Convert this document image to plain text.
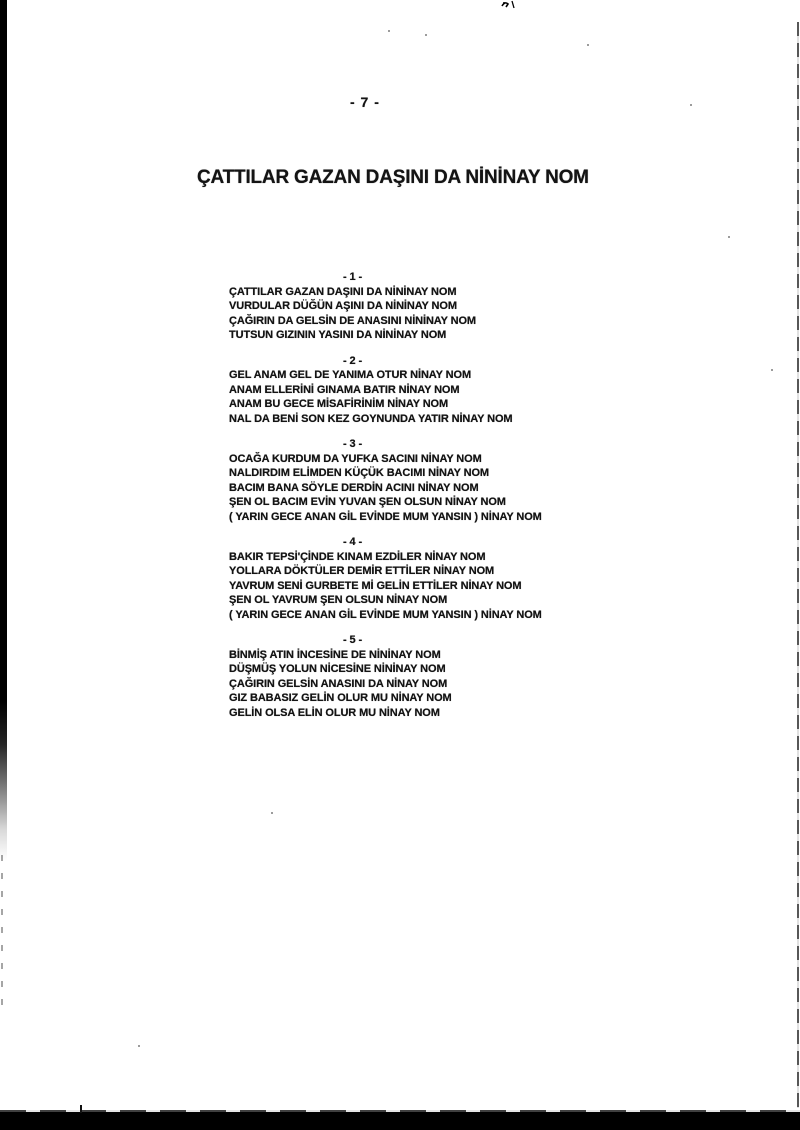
- 7 -
ÇATTILAR GAZAN DAŞINI DA NİNİNAY NOM
- 1 -
ÇATTILAR GAZAN DAŞINI DA NİNİNAY NOM
VURDULAR DÜĞÜN AŞINI DA NİNİNAY NOM
ÇAĞIRIN DA GELSİN DE ANASINI NİNİNAY NOM
TUTSUN GIZININ YASINI DA NİNİNAY NOM
- 2 -
GEL ANAM GEL DE YANIMA OTUR NİNAY NOM
ANAM ELLERİNİ GINAMA BATIR NİNAY NOM
ANAM BU GECE MİSAFİRİNİM NİNAY NOM
NAL DA BENİ SON KEZ GOYNUNDA YATIR NİNAY NOM
- 3 -
OCAĞA KURDUM DA YUFKA SACINI NİNAY NOM
NALDIRDIM ELİMDEN KÜÇÜK BACIMI NİNAY NOM
BACIM BANA SÖYLE DERDİN ACINI NİNAY NOM
ŞEN OL BACIM EVİN YUVAN ŞEN OLSUN NİNAY NOM
( YARIN GECE ANAN GİL EVİNDE MUM YANSIN ) NİNAY NOM
- 4 -
BAKIR TEPSİ'ÇİNDE KINAM EZDİLER NİNAY NOM
YOLLARA DÖKTÜLER DEMİR ETTİLER NİNAY NOM
YAVRUM SENİ GURBETE Mİ GELİN ETTİLER NİNAY NOM
ŞEN OL YAVRUM ŞEN OLSUN NİNAY NOM
( YARIN GECE ANAN GİL EVİNDE MUM YANSIN ) NİNAY NOM
- 5 -
BİNMİŞ ATIN İNCESİNE DE NİNİNAY NOM
DÜŞMÜŞ YOLUN NİCESİNE NİNİNAY NOM
ÇAĞIRIN GELSİN ANASINI DA NİNAY NOM
GIZ BABASIZ GELİN OLUR MU NİNAY NOM
GELİN OLSA ELİN OLUR MU NİNAY NOM
